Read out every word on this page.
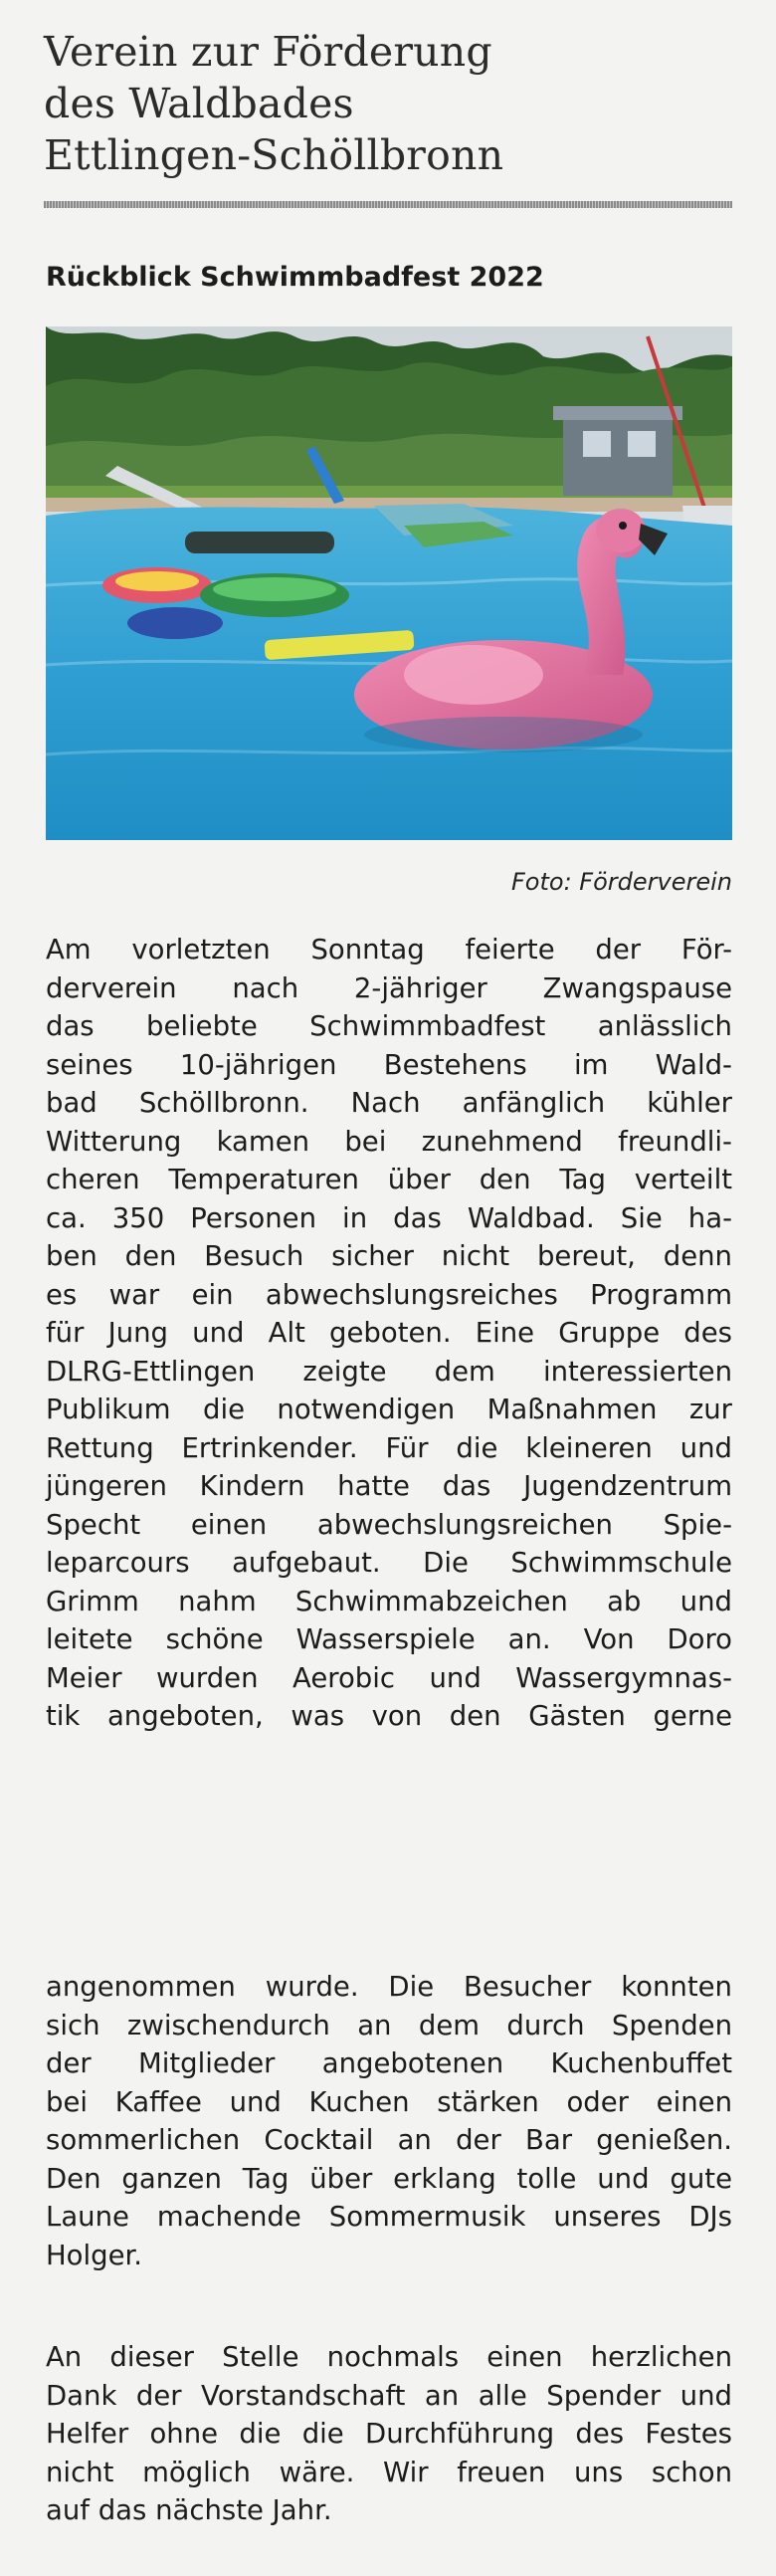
Verein zur Förderung
des Waldbades
Ettlingen-Schöllbronn
Rückblick Schwimmbadfest 2022
Foto: Förderverein
Am vorletzten Sonntag feierte der För-
derverein nach 2-jähriger Zwangspause
das beliebte Schwimmbadfest anlässlich
seines 10-jährigen Bestehens im Wald-
bad Schöllbronn. Nach anfänglich kühler
Witterung kamen bei zunehmend freundli-
cheren Temperaturen über den Tag verteilt
ca. 350 Personen in das Waldbad. Sie ha-
ben den Besuch sicher nicht bereut, denn
es war ein abwechslungsreiches Programm
für Jung und Alt geboten. Eine Gruppe des
DLRG-Ettlingen zeigte dem interessierten
Publikum die notwendigen Maßnahmen zur
Rettung Ertrinkender. Für die kleineren und
jüngeren Kindern hatte das Jugendzentrum
Specht einen abwechslungsreichen Spie-
leparcours aufgebaut. Die Schwimmschule
Grimm nahm Schwimmabzeichen ab und
leitete schöne Wasserspiele an. Von Doro
Meier wurden Aerobic und Wassergymnas-
tik angeboten, was von den Gästen gerne
angenommen wurde. Die Besucher konnten
sich zwischendurch an dem durch Spenden
der Mitglieder angebotenen Kuchenbuffet
bei Kaffee und Kuchen stärken oder einen
sommerlichen Cocktail an der Bar genießen.
Den ganzen Tag über erklang tolle und gute
Laune machende Sommermusik unseres DJs
Holger.
An dieser Stelle nochmals einen herzlichen
Dank der Vorstandschaft an alle Spender und
Helfer ohne die die Durchführung des Festes
nicht möglich wäre. Wir freuen uns schon
auf das nächste Jahr.
